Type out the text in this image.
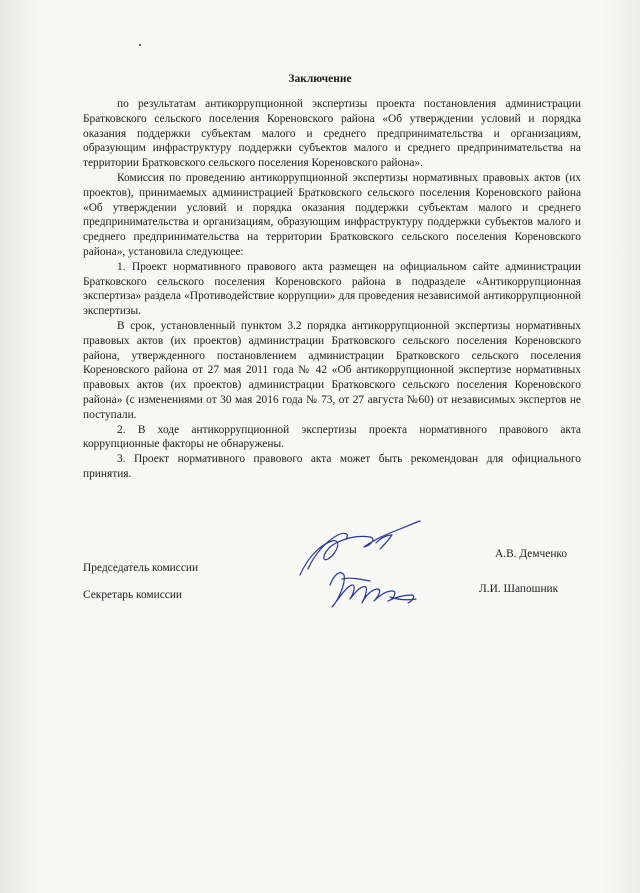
Заключение

по результатам антикоррупционной экспертизы проекта постановления администрации Братковского сельского поселения Кореновского района «Об утверждении условий и порядка оказания поддержки субъектам малого и среднего предпринимательства и организациям, образующим инфраструктуру поддержки субъектов малого и среднего предпринимательства на территории Братковского сельского поселения Кореновского района».

Комиссия по проведению антикоррупционной экспертизы нормативных правовых актов (их проектов), принимаемых администрацией Братковского сельского поселения Кореновского района «Об утверждении условий и порядка оказания поддержки субъектам малого и среднего предпринимательства и организациям, образующим инфраструктуру поддержки субъектов малого и среднего предпринимательства на территории Братковского сельского поселения Кореновского района», установила следующее:

1. Проект нормативного правового акта размещен на официальном сайте администрации Братковского сельского поселения Кореновского района в подразделе «Антикоррупционная экспертиза» раздела «Противодействие коррупции» для проведения независимой антикоррупционной экспертизы.

В срок, установленный пунктом 3.2 порядка антикоррупционной экспертизы нормативных правовых актов (их проектов) администрации Братковского сельского поселения Кореновского района, утвержденного постановлением администрации Братковского сельского поселения Кореновского района от 27 мая 2011 года № 42 «Об антикоррупционной экспертизе нормативных правовых актов (их проектов) администрации Братковского сельского поселения Кореновского района» (с изменениями от 30 мая 2016 года № 73, от 27 августа №60) от независимых экспертов не поступали.

2. В ходе антикоррупционной экспертизы проекта нормативного правового акта коррупционные факторы не обнаружены.

3. Проект нормативного правового акта может быть рекомендован для официального принятия.

Председатель комиссии
А.В. Демченко
Секретарь комиссии	Л.И. Шапошник
